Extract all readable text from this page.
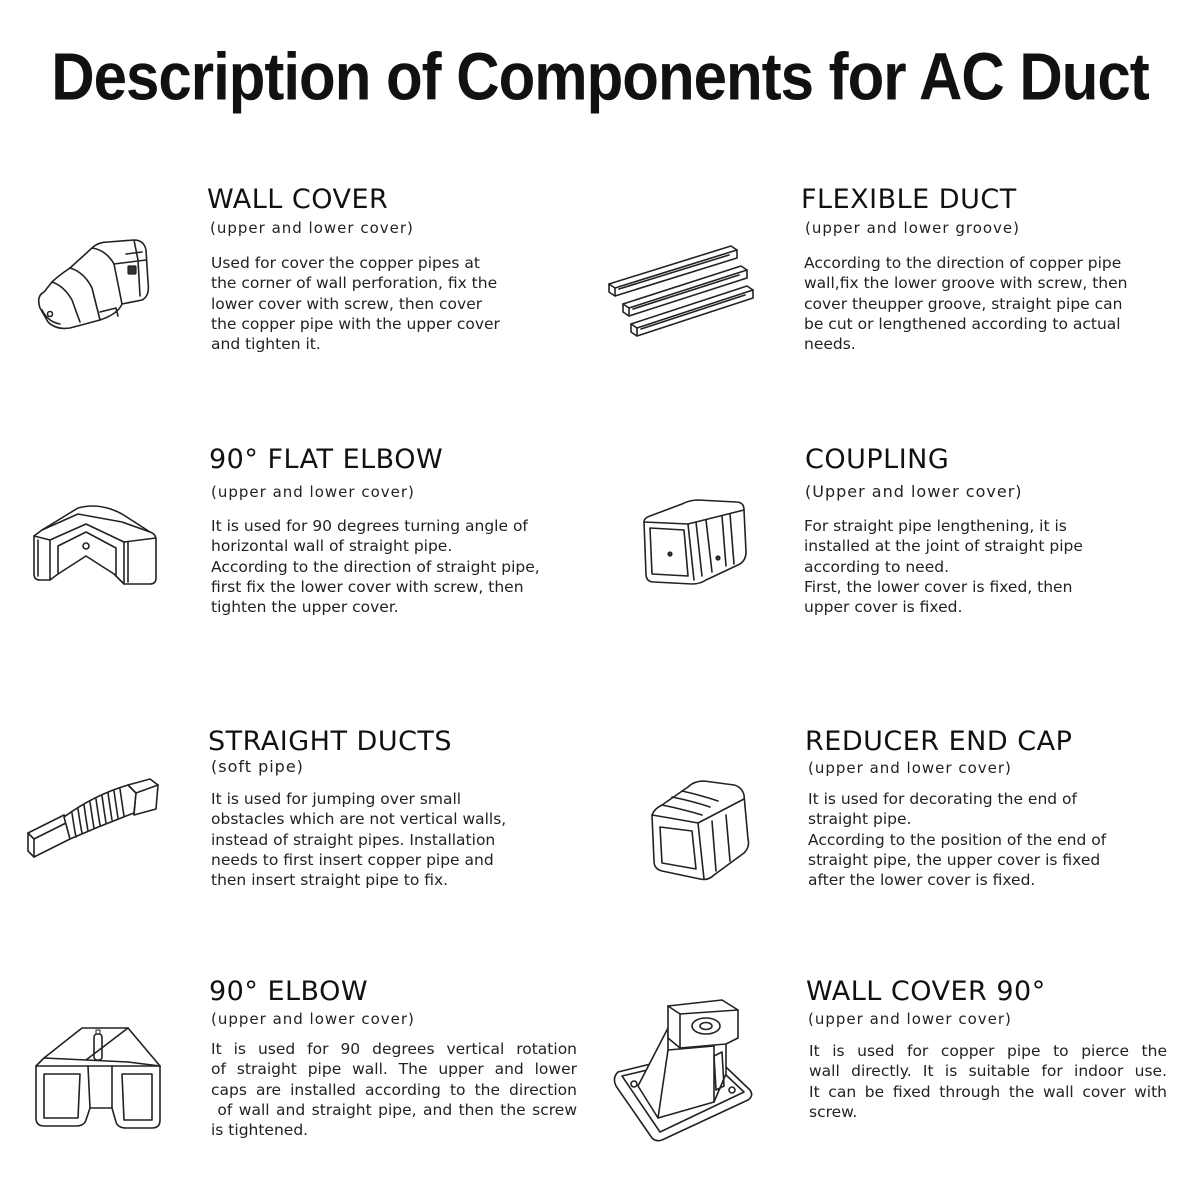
Description of Components for AC Duct
WALL COVER
(upper and lower cover)
Used for cover the copper pipes at
the corner of wall perforation, fix the
lower cover with screw, then cover
the copper pipe with the upper cover
and tighten it.
FLEXIBLE DUCT
(upper and lower groove)
According to the direction of copper pipe
wall,fix the lower groove with screw, then
cover theupper groove, straight pipe can
be cut or lengthened according to actual
needs.
90° FLAT ELBOW
(upper and lower cover)
It is used for 90 degrees turning angle of
horizontal wall of straight pipe.
According to the direction of straight pipe,
first fix the lower cover with screw, then
tighten the upper cover.
COUPLING
(Upper and lower cover)
For straight pipe lengthening, it is
installed at the joint of straight pipe
according to need.
First, the lower cover is fixed, then
upper cover is fixed.
STRAIGHT DUCTS
(soft pipe)
It is used for jumping over small
obstacles which are not vertical walls,
instead of straight pipes. Installation
needs to first insert copper pipe and
then insert straight pipe to fix.
REDUCER END CAP
(upper and lower cover)
It is used for decorating the end of
straight pipe.
According to the position of the end of
straight pipe, the upper cover is fixed
after the lower cover is fixed.
90° ELBOW
(upper and lower cover)
It is used for 90 degrees vertical rotation
of straight pipe wall. The upper and lower
caps are installed according to the direction
of wall and straight pipe, and then the screw
is tightened.
WALL COVER 90°
(upper and lower cover)
It is used for copper pipe to pierce the
wall directly. It is suitable for indoor use.
It can be fixed through the wall cover with
screw.
